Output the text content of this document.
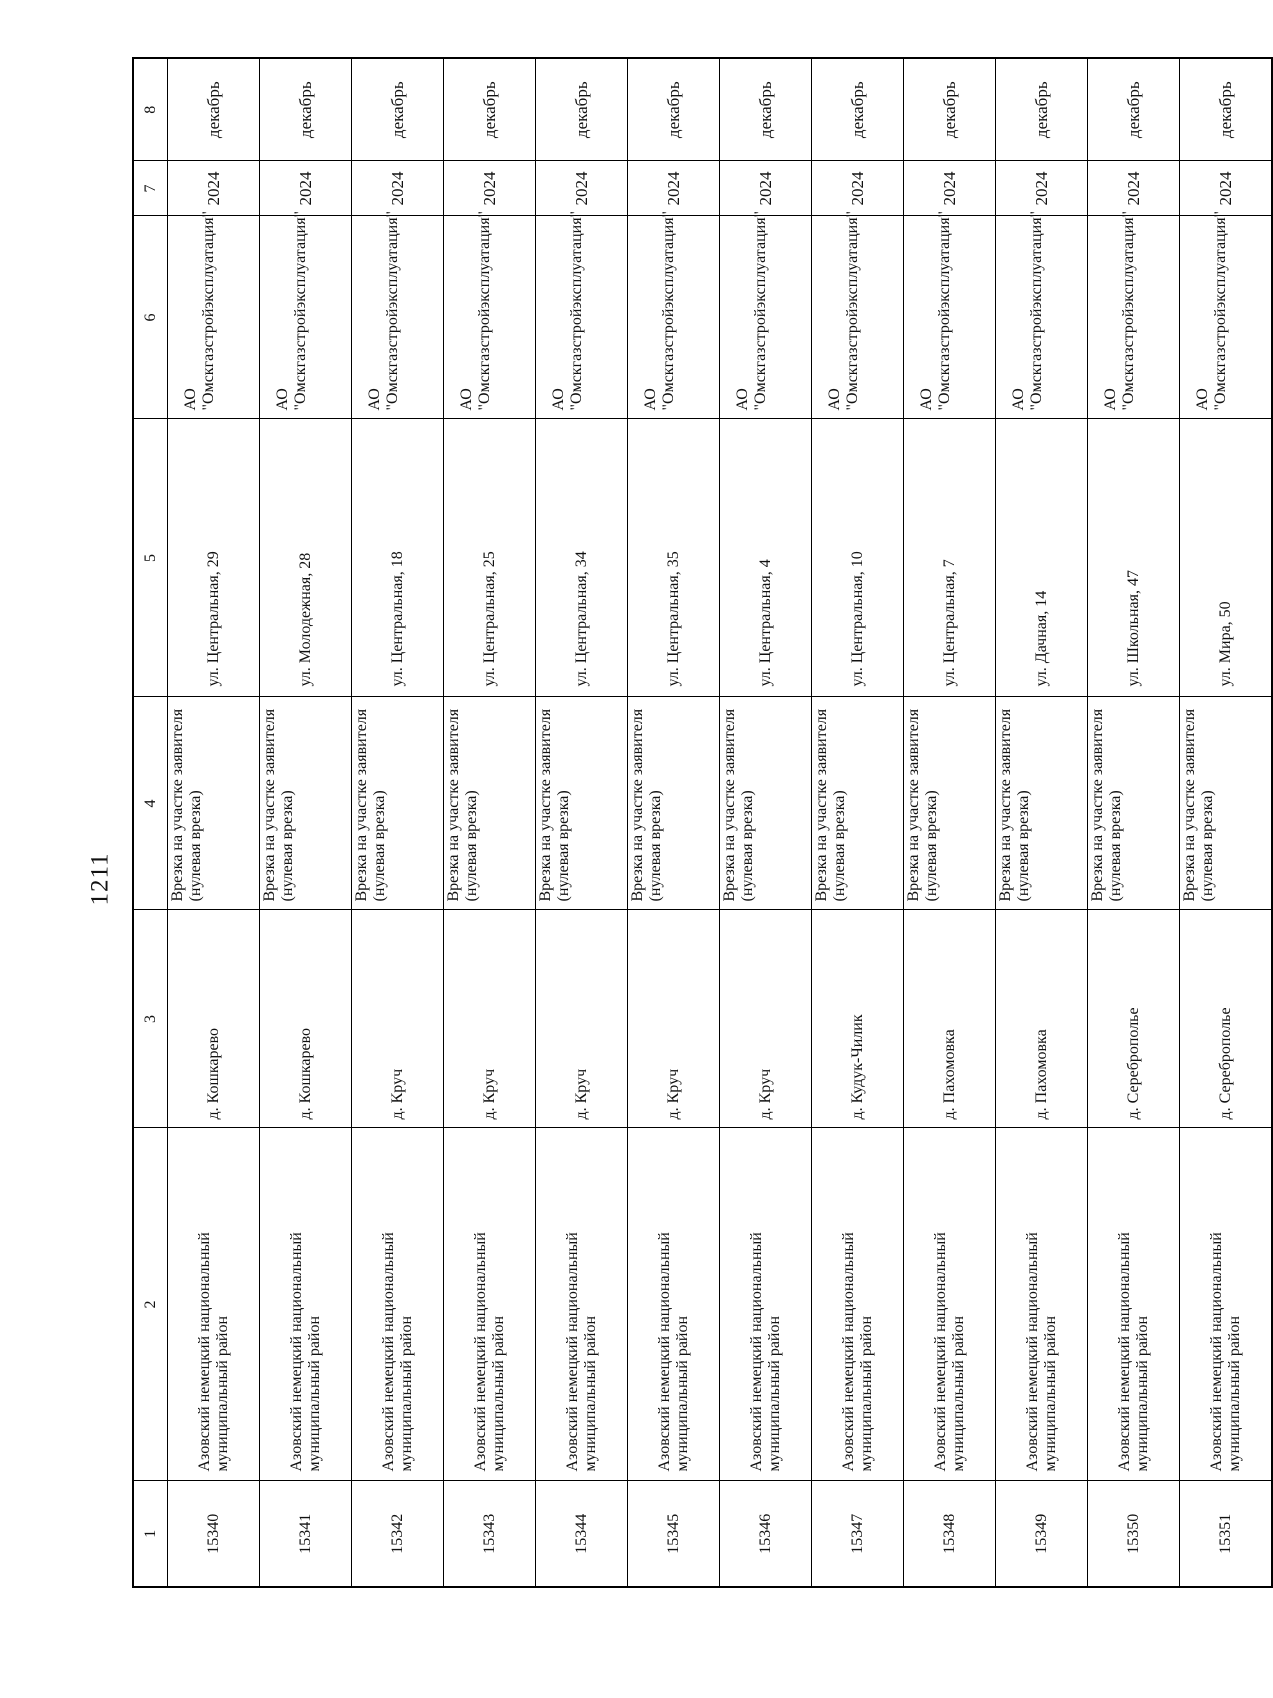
1211
1	2	3	4	5	6	7	8
15340	Азовский немецкий национальный муниципальный район	д. Кошкарево	Врезка на участке заявителя (нулевая врезка)	ул. Центральная, 29	АО
"Омскгазстройэксплуатация"	2024	декабрь
15341	Азовский немецкий национальный муниципальный район	д. Кошкарево	Врезка на участке заявителя (нулевая врезка)	ул. Молодежная, 28	АО
"Омскгазстройэксплуатация"	2024	декабрь
15342	Азовский немецкий национальный муниципальный район	д. Круч	Врезка на участке заявителя (нулевая врезка)	ул. Центральная, 18	АО
"Омскгазстройэксплуатация"	2024	декабрь
15343	Азовский немецкий национальный муниципальный район	д. Круч	Врезка на участке заявителя (нулевая врезка)	ул. Центральная, 25	АО
"Омскгазстройэксплуатация"	2024	декабрь
15344	Азовский немецкий национальный муниципальный район	д. Круч	Врезка на участке заявителя (нулевая врезка)	ул. Центральная, 34	АО
"Омскгазстройэксплуатация"	2024	декабрь
15345	Азовский немецкий национальный муниципальный район	д. Круч	Врезка на участке заявителя (нулевая врезка)	ул. Центральная, 35	АО
"Омскгазстройэксплуатация"	2024	декабрь
15346	Азовский немецкий национальный муниципальный район	д. Круч	Врезка на участке заявителя (нулевая врезка)	ул. Центральная, 4	АО
"Омскгазстройэксплуатация"	2024	декабрь
15347	Азовский немецкий национальный муниципальный район	д. Кудук-Чилик	Врезка на участке заявителя (нулевая врезка)	ул. Центральная, 10	АО
"Омскгазстройэксплуатация"	2024	декабрь
15348	Азовский немецкий национальный муниципальный район	д. Пахомовка	Врезка на участке заявителя (нулевая врезка)	ул. Центральная, 7	АО
"Омскгазстройэксплуатация"	2024	декабрь
15349	Азовский немецкий национальный муниципальный район	д. Пахомовка	Врезка на участке заявителя (нулевая врезка)	ул. Дачная, 14	АО
"Омскгазстройэксплуатация"	2024	декабрь
15350	Азовский немецкий национальный муниципальный район	д. Сереброполье	Врезка на участке заявителя (нулевая врезка)	ул. Школьная, 47	АО
"Омскгазстройэксплуатация"	2024	декабрь
15351	Азовский немецкий национальный муниципальный район	д. Сереброполье	Врезка на участке заявителя (нулевая врезка)	ул. Мира, 50	АО
"Омскгазстройэксплуатация"	2024	декабрь
